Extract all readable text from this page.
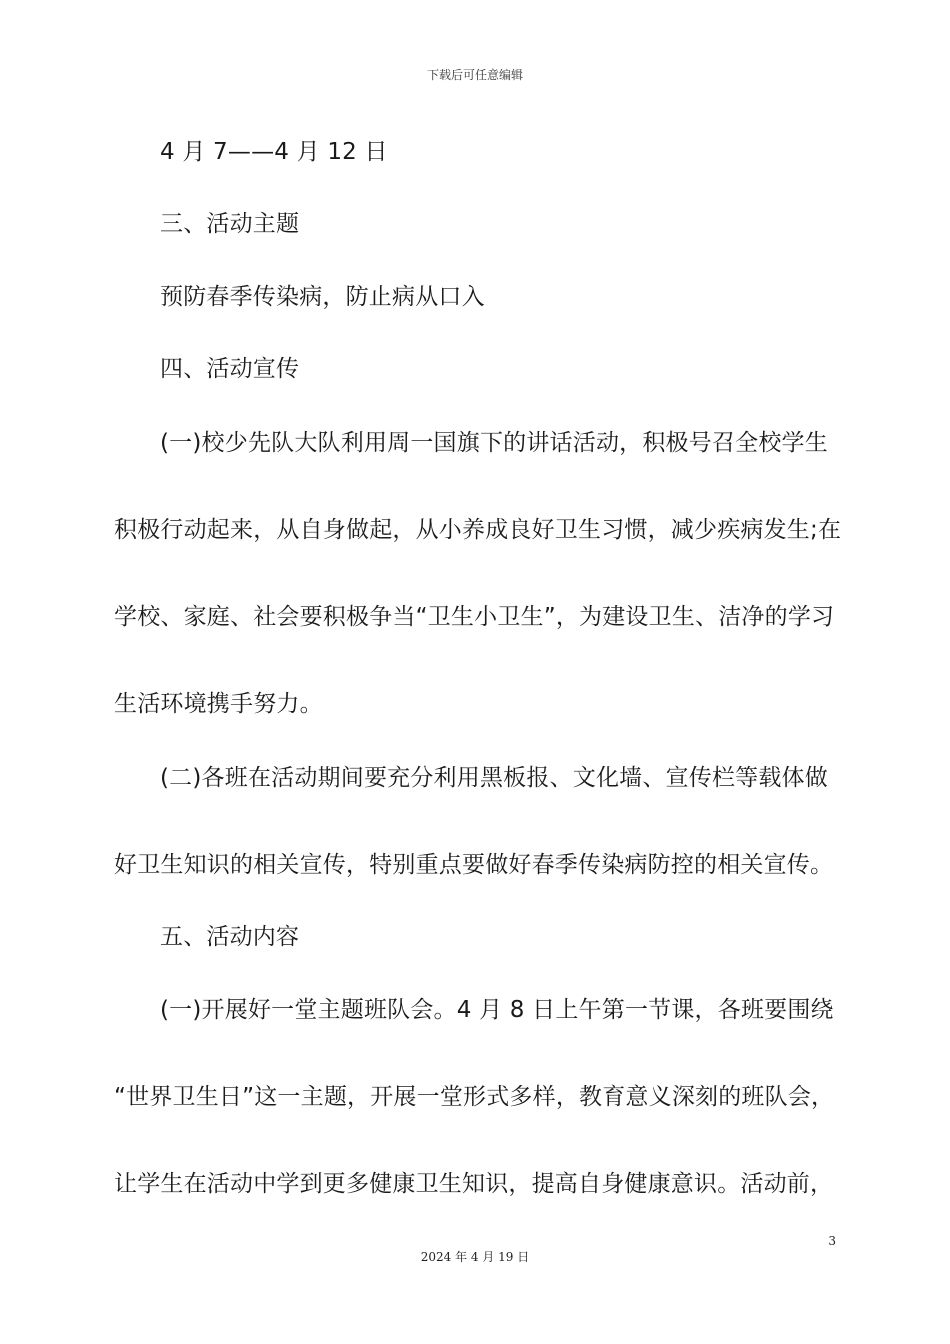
下载后可任意编辑
4 月 7——4 月 12 日
三、活动主题
预防春季传染病，防止病从口入
四、活动宣传
(一)校少先队大队利用周一国旗下的讲话活动，积极号召全校学生
积极行动起来，从自身做起，从小养成良好卫生习惯，减少疾病发生;在
学校、家庭、社会要积极争当“卫生小卫生”，为建设卫生、洁净的学习
生活环境携手努力。
(二)各班在活动期间要充分利用黑板报、文化墙、宣传栏等载体做
好卫生知识的相关宣传，特别重点要做好春季传染病防控的相关宣传。
五、活动内容
(一)开展好一堂主题班队会。4 月 8 日上午第一节课，各班要围绕
“世界卫生日”这一主题，开展一堂形式多样，教育意义深刻的班队会，
让学生在活动中学到更多健康卫生知识，提高自身健康意识。活动前，
3
2024 年 4 月 19 日
